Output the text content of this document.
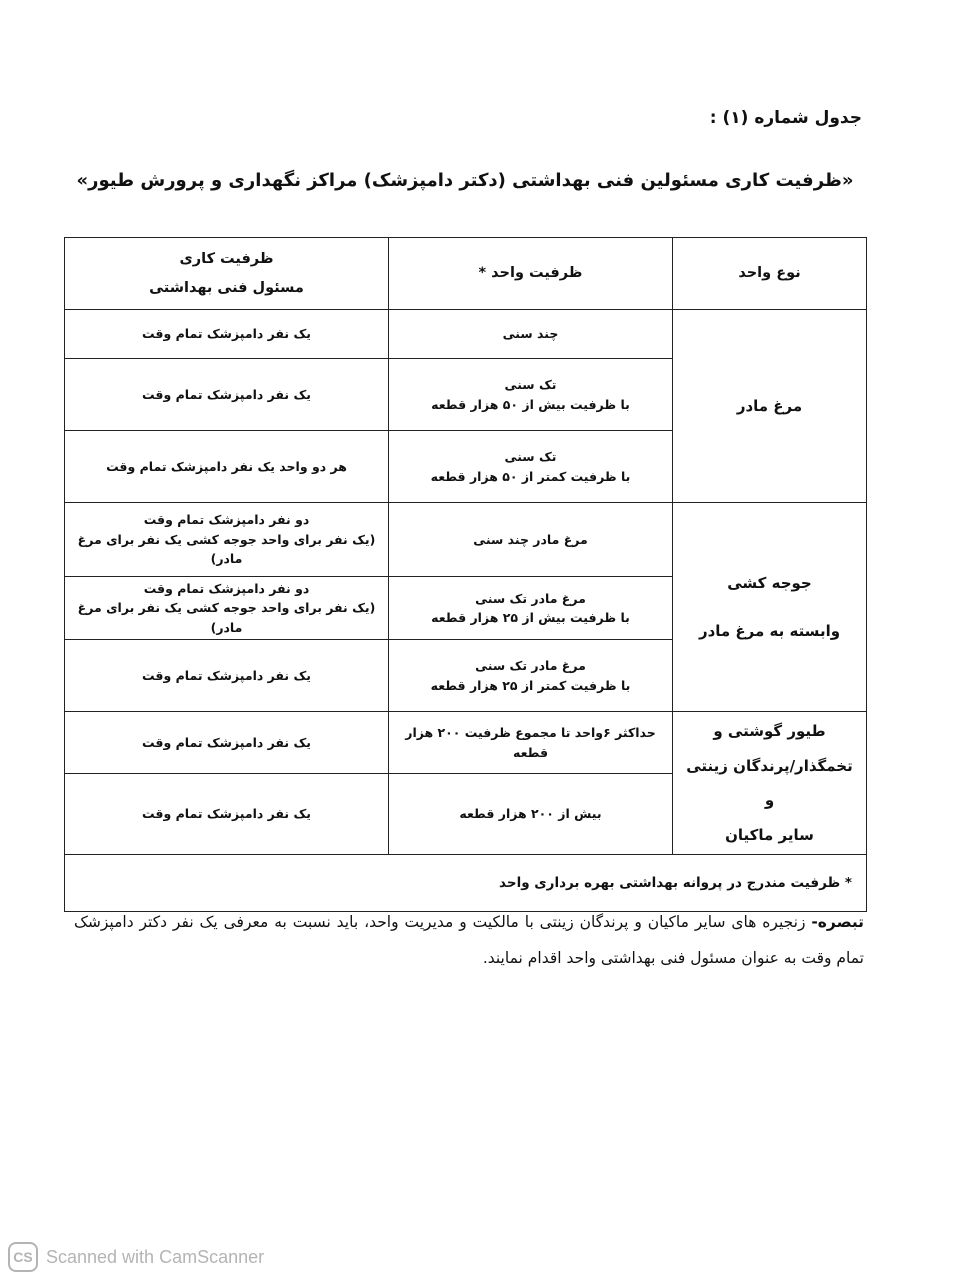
جدول شماره (۱) :
«ظرفیت کاری مسئولین فنی بهداشتی (دکتر دامپزشک) مراکز نگهداری و پرورش طیور»
نوع واحد	ظرفیت واحد *	ظرفیت کاری
مسئول فنی بهداشتی

مرغ مادر	چند سنی	یک نفر دامپزشک تمام وقت

	تک سنی
با ظرفیت بیش از ۵۰ هزار قطعه	یک نفر دامپزشک تمام وقت

	تک سنی
با ظرفیت کمتر از ۵۰ هزار قطعه	هر دو واحد یک نفر دامپزشک تمام وقت

جوجه کشی
وابسته به مرغ مادر	مرغ مادر چند سنی	دو نفر دامپزشک تمام وقت
(یک نفر برای واحد جوجه کشی یک نفر برای مرغ مادر)

	مرغ مادر تک سنی
با ظرفیت بیش از ۲۵ هزار قطعه	دو نفر دامپزشک تمام وقت
(یک نفر برای واحد جوجه کشی یک نفر برای مرغ مادر)

	مرغ مادر تک سنی
با ظرفیت کمتر از ۲۵ هزار قطعه	یک نفر دامپزشک تمام وقت

طیور گوشتی و
تخمگذار/پرندگان زینتی و
سایر ماکیان	حداکثر ۶واحد تا مجموع ظرفیت ۲۰۰ هزار قطعه	یک نفر دامپزشک تمام وقت

	بیش از ۲۰۰ هزار قطعه	یک نفر دامپزشک تمام وقت

* ظرفیت مندرج در پروانه بهداشتی بهره برداری واحد		
تبصره- زنجیره های سایر ماکیان و پرندگان زینتی با مالکیت و مدیریت واحد، باید نسبت به معرفی یک نفر دکتر دامپزشک تمام وقت به عنوان مسئول فنی بهداشتی واحد اقدام نمایند.
CS Scanned with CamScanner
